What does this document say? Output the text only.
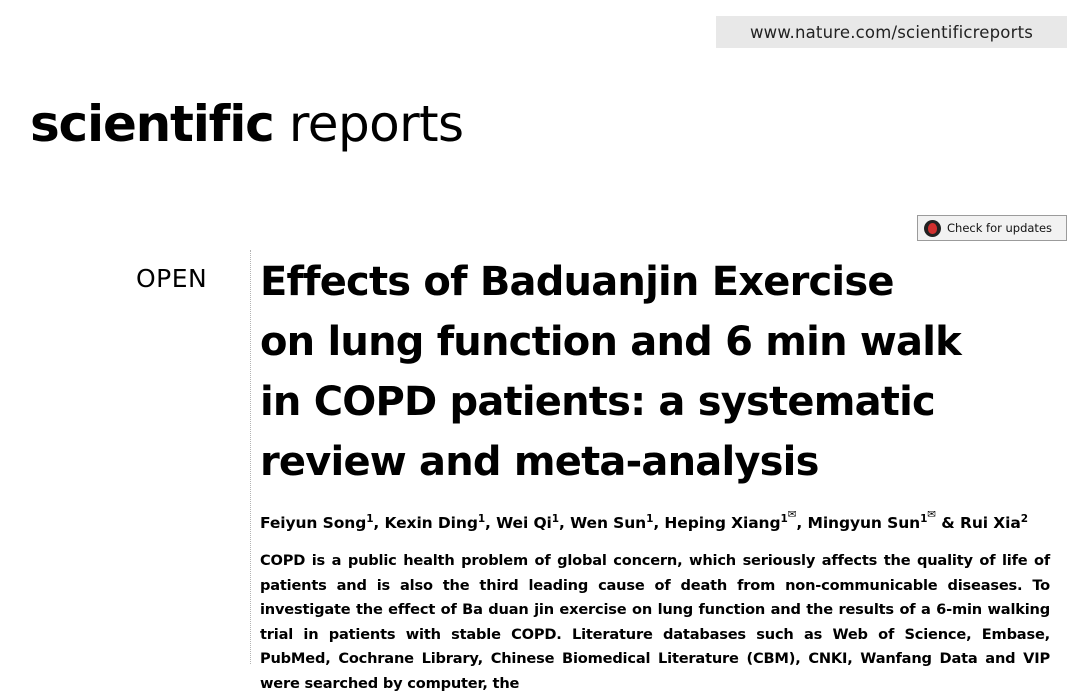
www.nature.com/scientificreports
scientific reports
Check for updates
OPEN Effects of Baduanjin Exercise
on lung function and 6 min walk
in COPD patients: a systematic
review and meta-analysis
Feiyun Song$^1$, Kexin Ding$^1$, Wei Qi$^1$, Wen Sun$^1$, Heping Xiang$^{1✉}$, Mingyun Sun$^{1✉}$ & Rui Xia$^2$
COPD is a public health problem of global concern, which seriously affects the quality of life of patients and is also the third leading cause of death from non-communicable diseases. To investigate the effect of Ba duan jin exercise on lung function and the results of a 6-min walking trial in patients with stable COPD. Literature databases such as Web of Science, Embase, PubMed, Cochrane Library, Chinese Biomedical Literature (CBM), CNKI, Wanfang Data and VIP were searched by computer, the
